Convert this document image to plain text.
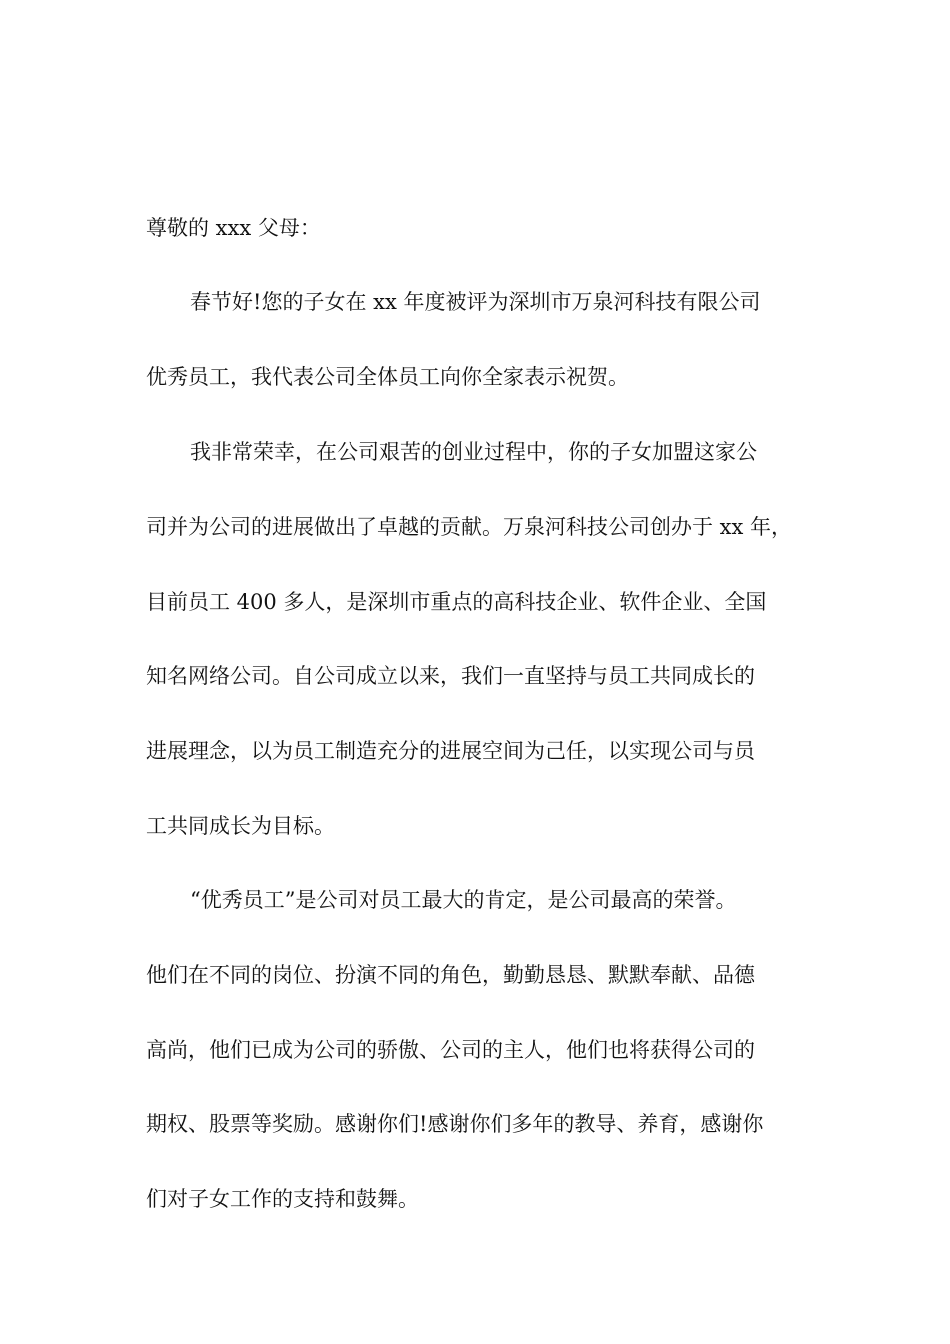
尊敬的 xxx 父母：
春节好!您的子女在 xx 年度被评为深圳市万泉河科技有限公司
优秀员工，我代表公司全体员工向你全家表示祝贺。
我非常荣幸，在公司艰苦的创业过程中，你的子女加盟这家公
司并为公司的进展做出了卓越的贡献。万泉河科技公司创办于 xx 年，
目前员工 400 多人，是深圳市重点的高科技企业、软件企业、全国
知名网络公司。自公司成立以来，我们一直坚持与员工共同成长的
进展理念，以为员工制造充分的进展空间为己任，以实现公司与员
工共同成长为目标。
“优秀员工”是公司对员工最大的肯定，是公司最高的荣誉。
他们在不同的岗位、扮演不同的角色，勤勤恳恳、默默奉献、品德
高尚，他们已成为公司的骄傲、公司的主人，他们也将获得公司的
期权、股票等奖励。感谢你们!感谢你们多年的教导、养育，感谢你
们对子女工作的支持和鼓舞。
